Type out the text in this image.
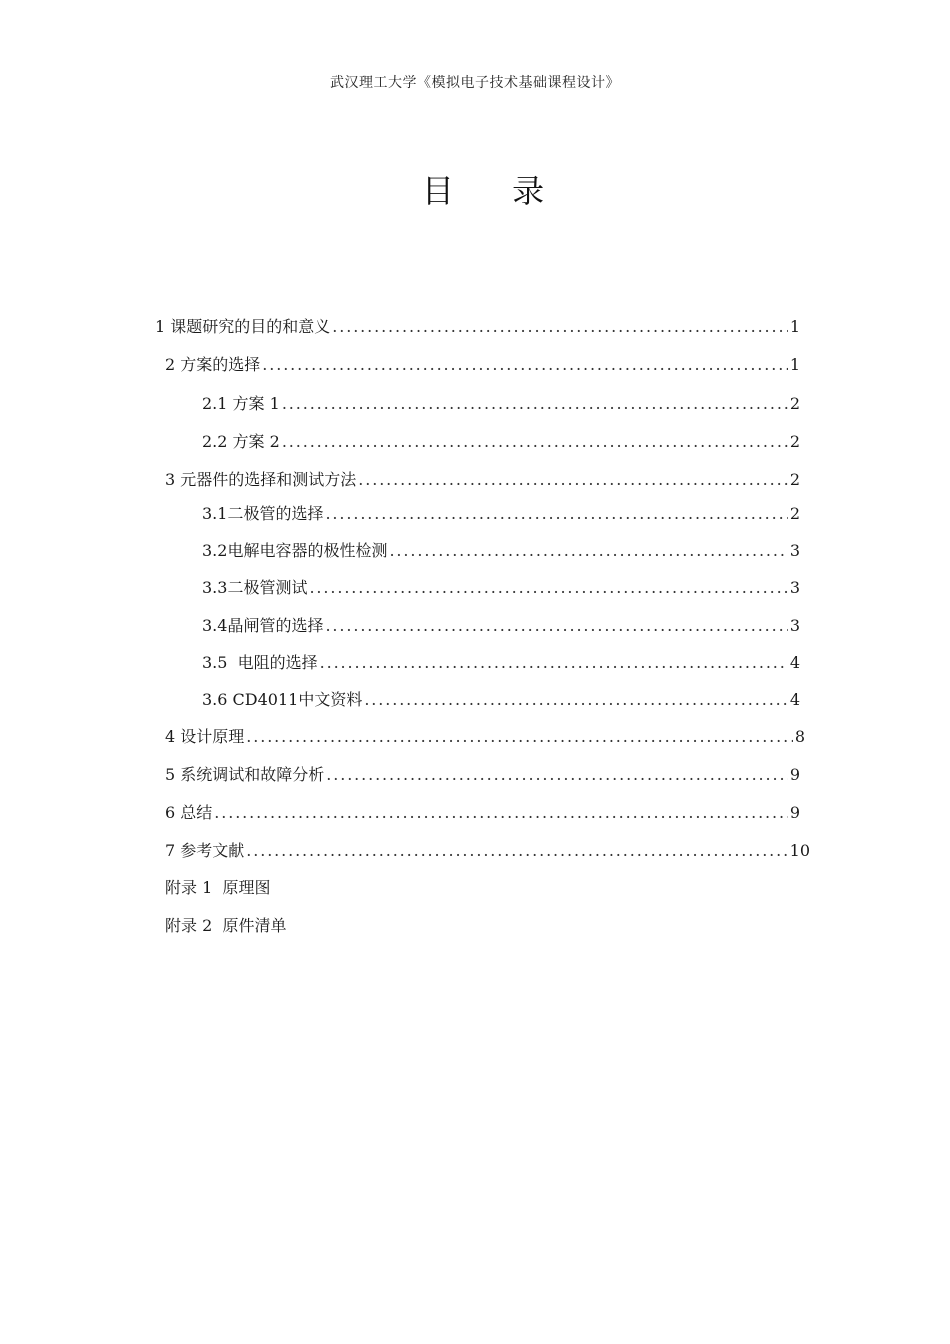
武汉理工大学《模拟电子技术基础课程设计》
目 录
1 课题研究的目的和意义 . . .	1
2 方案的选择 . . .	1
2.1 方案 1 . . .	2
2.2 方案 2 . . .	2
3 元器件的选择和测试方法 . . .	2
3.1二极管的选择 . . .	2
3.2电解电容器的极性检测 . . .	3
3.3二极管测试 . . .	3
3.4晶闸管的选择 . . .	3
3.5  电阻的选择 . . .	4
3.6 CD4011中文资料 . . .	4
4 设计原理 . . .	8
5 系统调试和故障分析 . . .	9
6 总结 . . .	9
7 参考文献 . . .	10
附录 1  原理图
附录 2  原件清单
